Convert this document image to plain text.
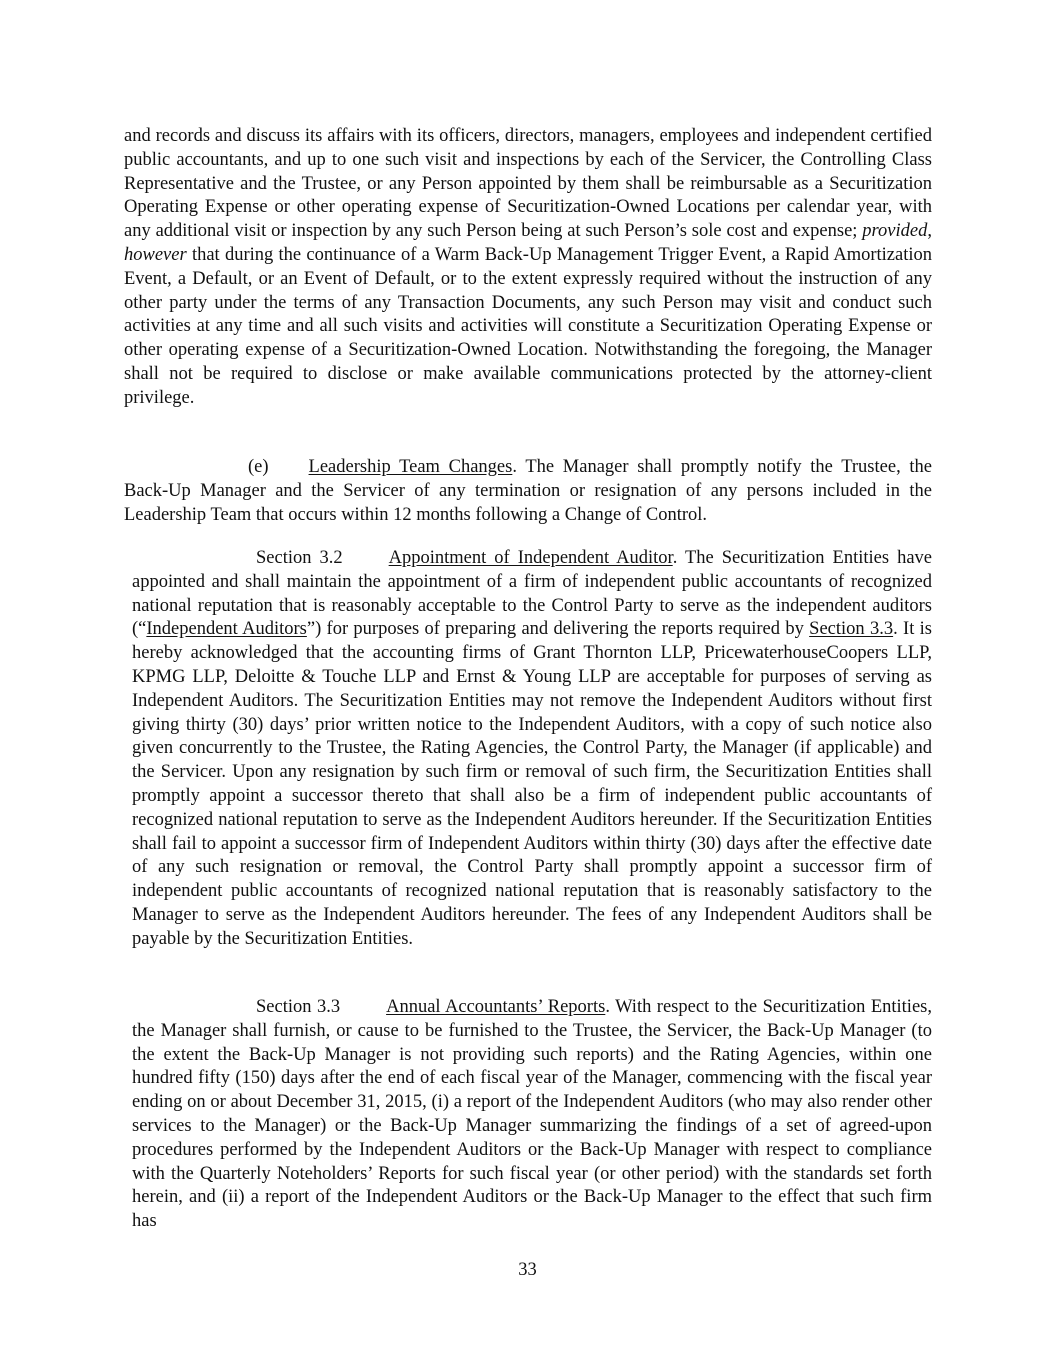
and records and discuss its affairs with its officers, directors, managers, employees and independent certified public accountants, and up to one such visit and inspections by each of the Servicer, the Controlling Class Representative and the Trustee, or any Person appointed by them shall be reimbursable as a Securitization Operating Expense or other operating expense of Securitization-Owned Locations per calendar year, with any additional visit or inspection by any such Person being at such Person’s sole cost and expense; provided, however that during the continuance of a Warm Back-Up Management Trigger Event, a Rapid Amortization Event, a Default, or an Event of Default, or to the extent expressly required without the instruction of any other party under the terms of any Transaction Documents, any such Person may visit and conduct such activities at any time and all such visits and activities will constitute a Securitization Operating Expense or other operating expense of a Securitization-Owned Location. Notwithstanding the foregoing, the Manager shall not be required to disclose or make available communications protected by the attorney-client privilege.

(e) Leadership Team Changes. The Manager shall promptly notify the Trustee, the Back-Up Manager and the Servicer of any termination or resignation of any persons included in the Leadership Team that occurs within 12 months following a Change of Control.

Section 3.2 Appointment of Independent Auditor. The Securitization Entities have appointed and shall maintain the appointment of a firm of independent public accountants of recognized national reputation that is reasonably acceptable to the Control Party to serve as the independent auditors (“Independent Auditors”) for purposes of preparing and delivering the reports required by Section 3.3. It is hereby acknowledged that the accounting firms of Grant Thornton LLP, PricewaterhouseCoopers LLP, KPMG LLP, Deloitte & Touche LLP and Ernst & Young LLP are acceptable for purposes of serving as Independent Auditors. The Securitization Entities may not remove the Independent Auditors without first giving thirty (30) days’ prior written notice to the Independent Auditors, with a copy of such notice also given concurrently to the Trustee, the Rating Agencies, the Control Party, the Manager (if applicable) and the Servicer. Upon any resignation by such firm or removal of such firm, the Securitization Entities shall promptly appoint a successor thereto that shall also be a firm of independent public accountants of recognized national reputation to serve as the Independent Auditors hereunder. If the Securitization Entities shall fail to appoint a successor firm of Independent Auditors within thirty (30) days after the effective date of any such resignation or removal, the Control Party shall promptly appoint a successor firm of independent public accountants of recognized national reputation that is reasonably satisfactory to the Manager to serve as the Independent Auditors hereunder. The fees of any Independent Auditors shall be payable by the Securitization Entities.

Section 3.3 Annual Accountants’ Reports. With respect to the Securitization Entities, the Manager shall furnish, or cause to be furnished to the Trustee, the Servicer, the Back-Up Manager (to the extent the Back-Up Manager is not providing such reports) and the Rating Agencies, within one hundred fifty (150) days after the end of each fiscal year of the Manager, commencing with the fiscal year ending on or about December 31, 2015, (i) a report of the Independent Auditors (who may also render other services to the Manager) or the Back-Up Manager summarizing the findings of a set of agreed-upon procedures performed by the Independent Auditors or the Back-Up Manager with respect to compliance with the Quarterly Noteholders’ Reports for such fiscal year (or other period) with the standards set forth herein, and (ii) a report of the Independent Auditors or the Back-Up Manager to the effect that such firm has

33
